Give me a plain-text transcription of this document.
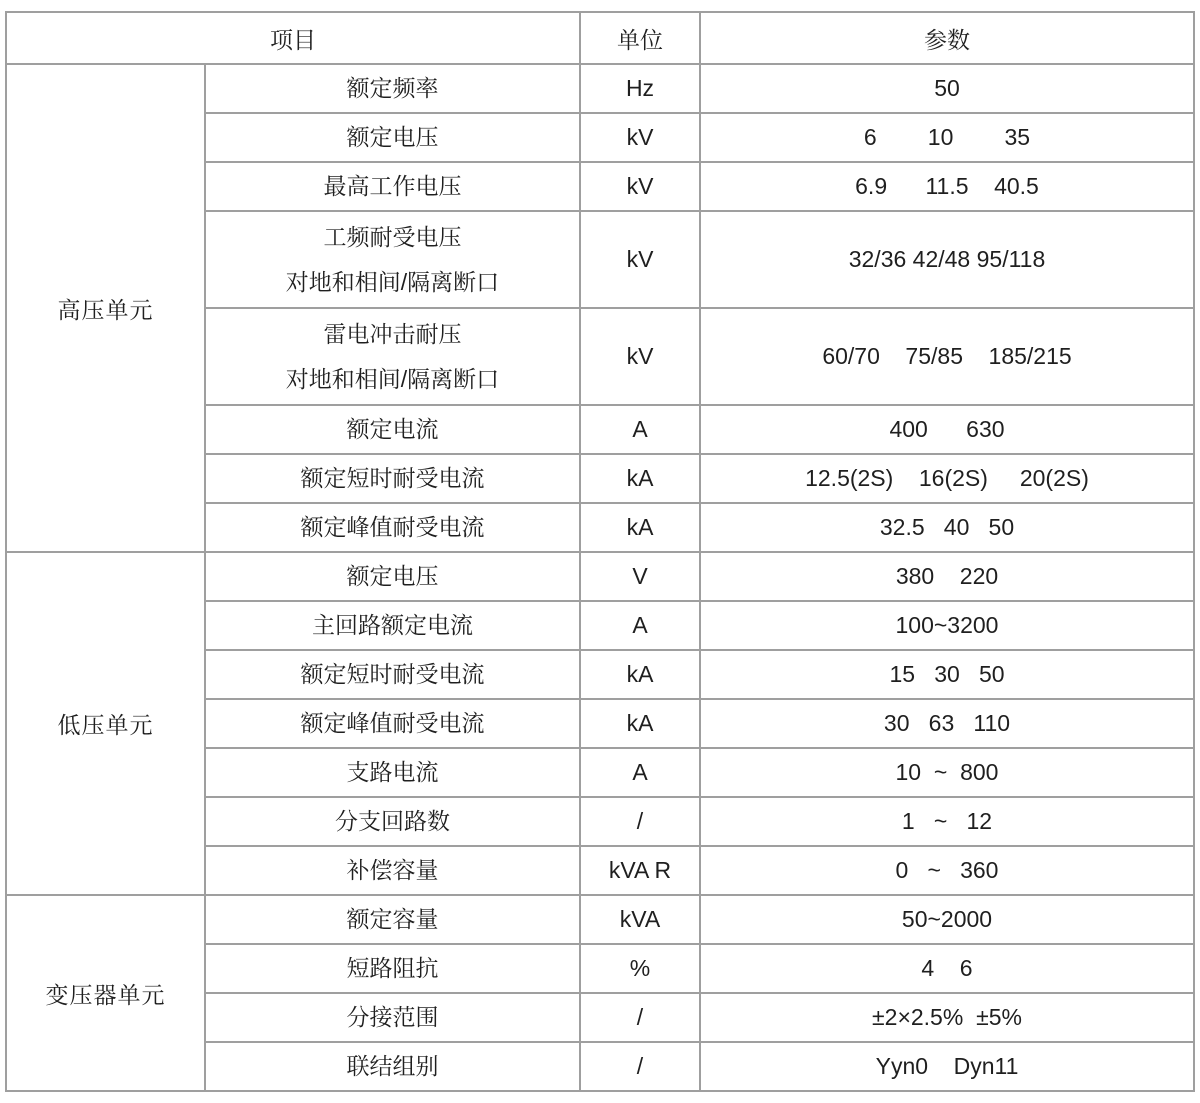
项目		单位	参数
高压单元	额定频率	Hz	50

	额定电压	kV	6        10        35

	最高工作电压	kV	6.9      11.5    40.5

	工频耐受电压
对地和相间/隔离断口	kV	32/36 42/48 95/118

	雷电冲击耐压
对地和相间/隔离断口	kV	60/70    75/85    185/215

	额定电流	A	400      630

	额定短时耐受电流	kA	12.5(2S)    16(2S)     20(2S)

	额定峰值耐受电流	kA	32.5   40   50
低压单元	额定电压	V	380    220

	主回路额定电流	A	100~3200

	额定短时耐受电流	kA	15   30   50

	额定峰值耐受电流	kA	30   63   110

	支路电流	A	10  ~  800

	分支回路数	/	1   ~   12

	补偿容量	kVA R	0   ~   360
变压器单元	额定容量	kVA	50~2000

	短路阻抗	%	4    6

	分接范围	/	±2×2.5%  ±5%

	联结组别	/	Yyn0    Dyn11
